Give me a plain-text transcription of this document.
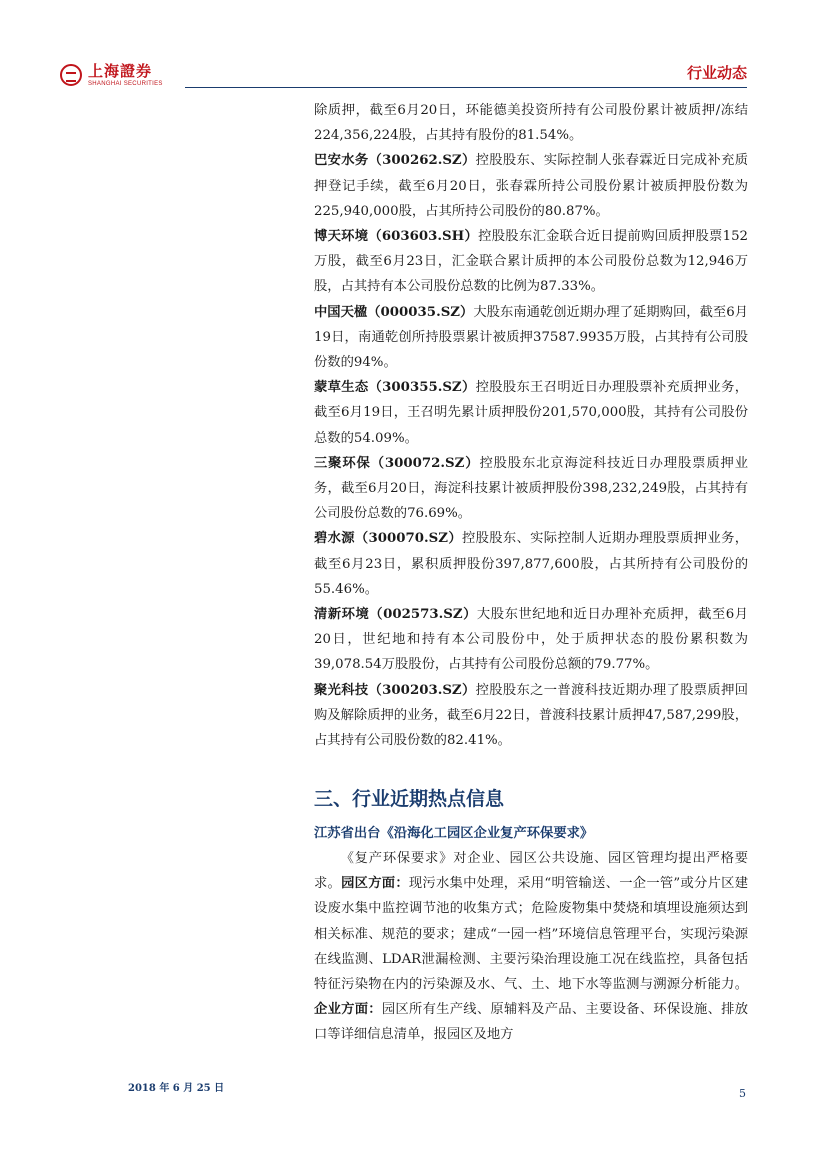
上海證券
SHANGHAI SECURITIES
行业动态

除质押，截至6月20日，环能德美投资所持有公司股份累计被质押/冻结224,356,224股，占其持有股份的81.54%。

巴安水务（300262.SZ）控股股东、实际控制人张春霖近日完成补充质押登记手续，截至6月20日，张春霖所持公司股份累计被质押股份数为225,940,000股，占其所持公司股份的80.87%。

博天环境（603603.SH）控股股东汇金联合近日提前购回质押股票152万股，截至6月23日，汇金联合累计质押的本公司股份总数为12,946万股，占其持有本公司股份总数的比例为87.33%。

中国天楹（000035.SZ）大股东南通乾创近期办理了延期购回，截至6月19日，南通乾创所持股票累计被质押37587.9935万股，占其持有公司股份数的94%。

蒙草生态（300355.SZ）控股股东王召明近日办理股票补充质押业务，截至6月19日，王召明先累计质押股份201,570,000股，其持有公司股份总数的54.09%。

三聚环保（300072.SZ）控股股东北京海淀科技近日办理股票质押业务，截至6月20日，海淀科技累计被质押股份398,232,249股，占其持有公司股份总数的76.69%。

碧水源（300070.SZ）控股股东、实际控制人近期办理股票质押业务，截至6月23日，累积质押股份397,877,600股，占其所持有公司股份的 55.46%。

清新环境（002573.SZ）大股东世纪地和近日办理补充质押，截至6月20日，世纪地和持有本公司股份中，处于质押状态的股份累积数为39,078.54万股股份，占其持有公司股份总额的79.77%。

聚光科技（300203.SZ）控股股东之一普渡科技近期办理了股票质押回购及解除质押的业务，截至6月22日，普渡科技累计质押47,587,299股，占其持有公司股份数的82.41%。

三、行业近期热点信息
江苏省出台《沿海化工园区企业复产环保要求》

《复产环保要求》对企业、园区公共设施、园区管理均提出严格要求。园区方面：现污水集中处理，采用“明管输送、一企一管”或分片区建设废水集中监控调节池的收集方式；危险废物集中焚烧和填埋设施须达到相关标准、规范的要求；建成“一园一档”环境信息管理平台，实现污染源在线监测、LDAR泄漏检测、主要污染治理设施工况在线监控，具备包括特征污染物在内的污染源及水、气、土、地下水等监测与溯源分析能力。企业方面：园区所有生产线、原辅料及产品、主要设备、环保设施、排放口等详细信息清单，报园区及地方

2018 年 6 月 25 日	5
